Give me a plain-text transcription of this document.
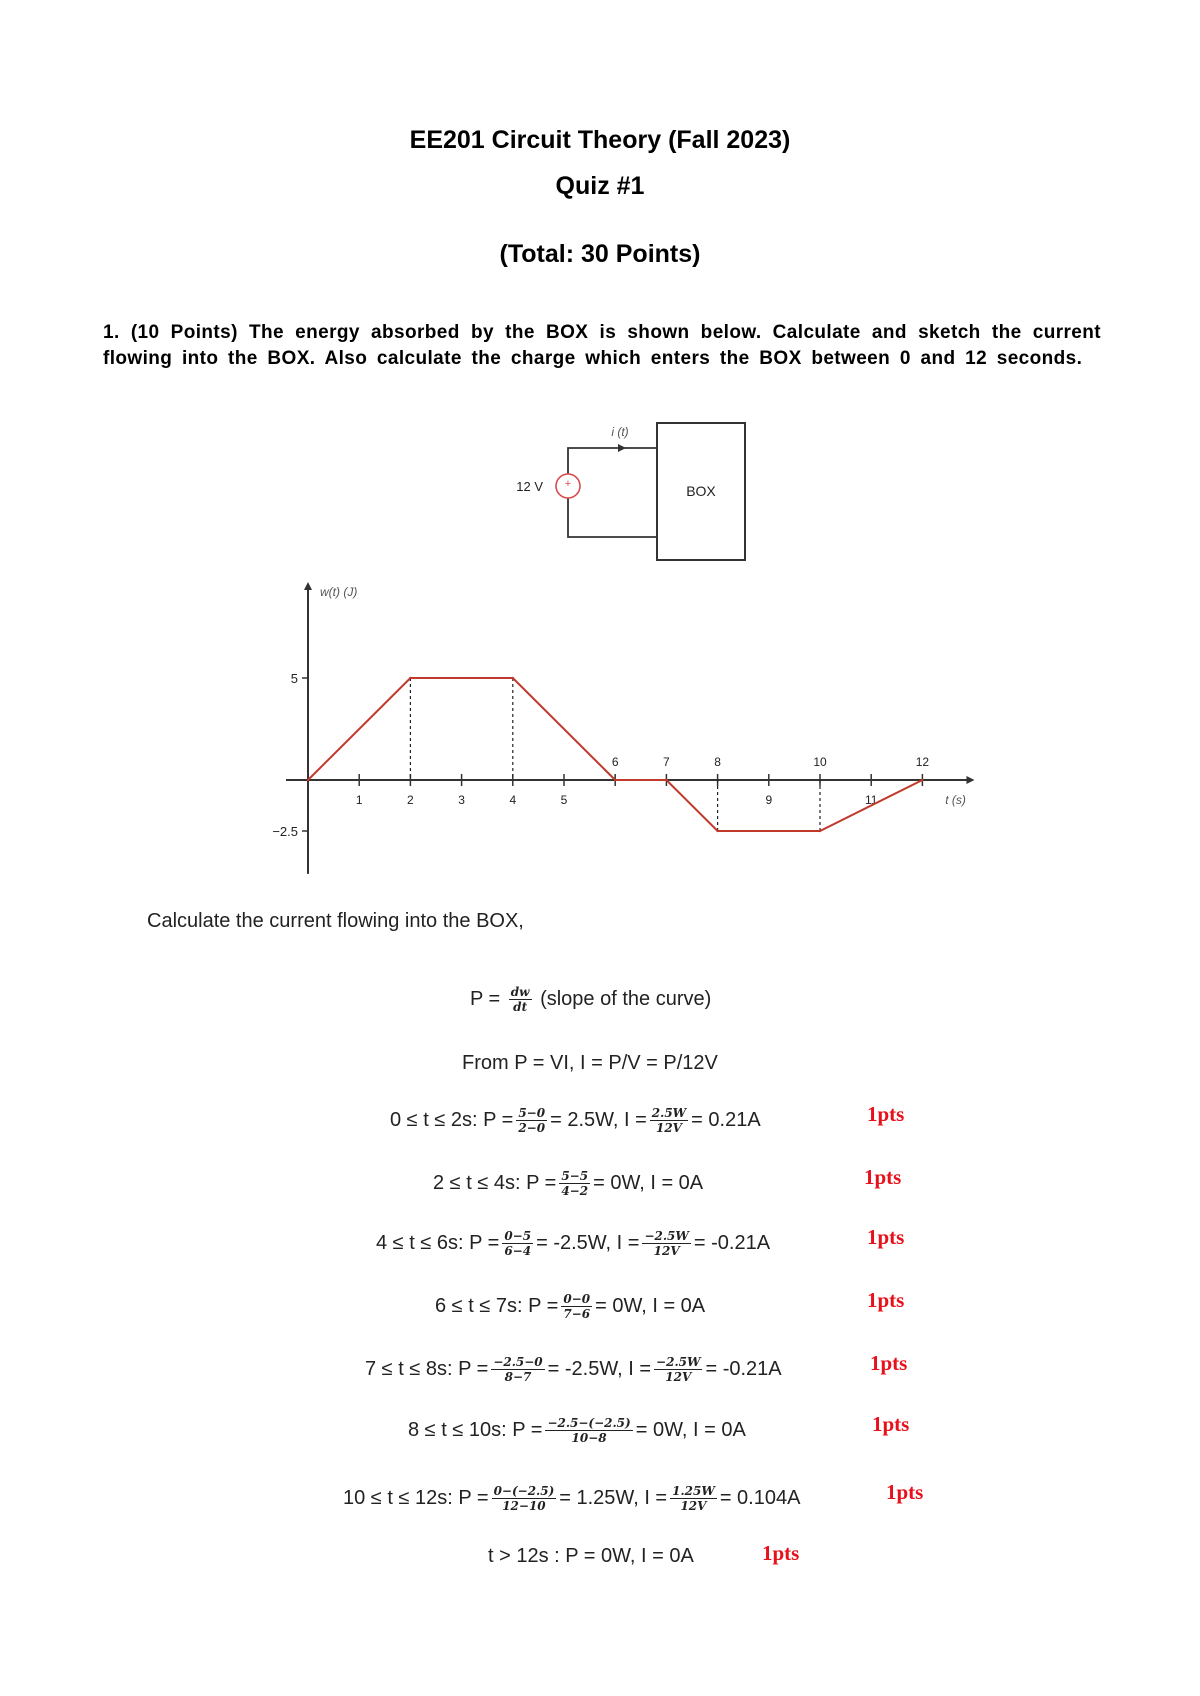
EE201 Circuit Theory (Fall 2023)
Quiz #1
(Total: 30 Points)
1. (10 Points) The energy absorbed by the BOX is shown below. Calculate and sketch the current flowing into the BOX. Also calculate the charge which enters the BOX between 0 and 12 seconds.
BOX
i (t)
+
12 V
w(t) (J)
t (s)
5
−2.5
1	2	3	4	5
6	7	8
9
10
11
12
Calculate the current flowing into the BOX,
$P = \frac{dw}{dt}$ (slope of the curve)
From P = VI, I = P/V = P/12V
0 ≤ t ≤ 2s: $P = \frac{5-0}{2-0} = 2.5W$, $I = \frac{2.5W}{12V} = 0.21A$	1pts
2 ≤ t ≤ 4s: $P = \frac{5-5}{4-2} = 0W$, I = 0A	1pts
4 ≤ t ≤ 6s: $P = \frac{0-5}{6-4} = -2.5W$, $I = \frac{-2.5W}{12V} = -0.21A$	1pts
6 ≤ t ≤ 7s: $P = \frac{0-0}{7-6} = 0W$, I = 0A	1pts
7 ≤ t ≤ 8s: $P = \frac{-2.5-0}{8-7} = -2.5W$, $I = \frac{-2.5W}{12V} = -0.21A$	1pts
8 ≤ t ≤ 10s: $P = \frac{-2.5-(-2.5)}{10-8} = 0W$, I = 0A	1pts
10 ≤ t ≤ 12s: $P = \frac{0-(-2.5)}{12-10} = 1.25W$, $I = \frac{1.25W}{12V} = 0.104A$	1pts
t > 12s : P = 0W, I = 0A	1pts
